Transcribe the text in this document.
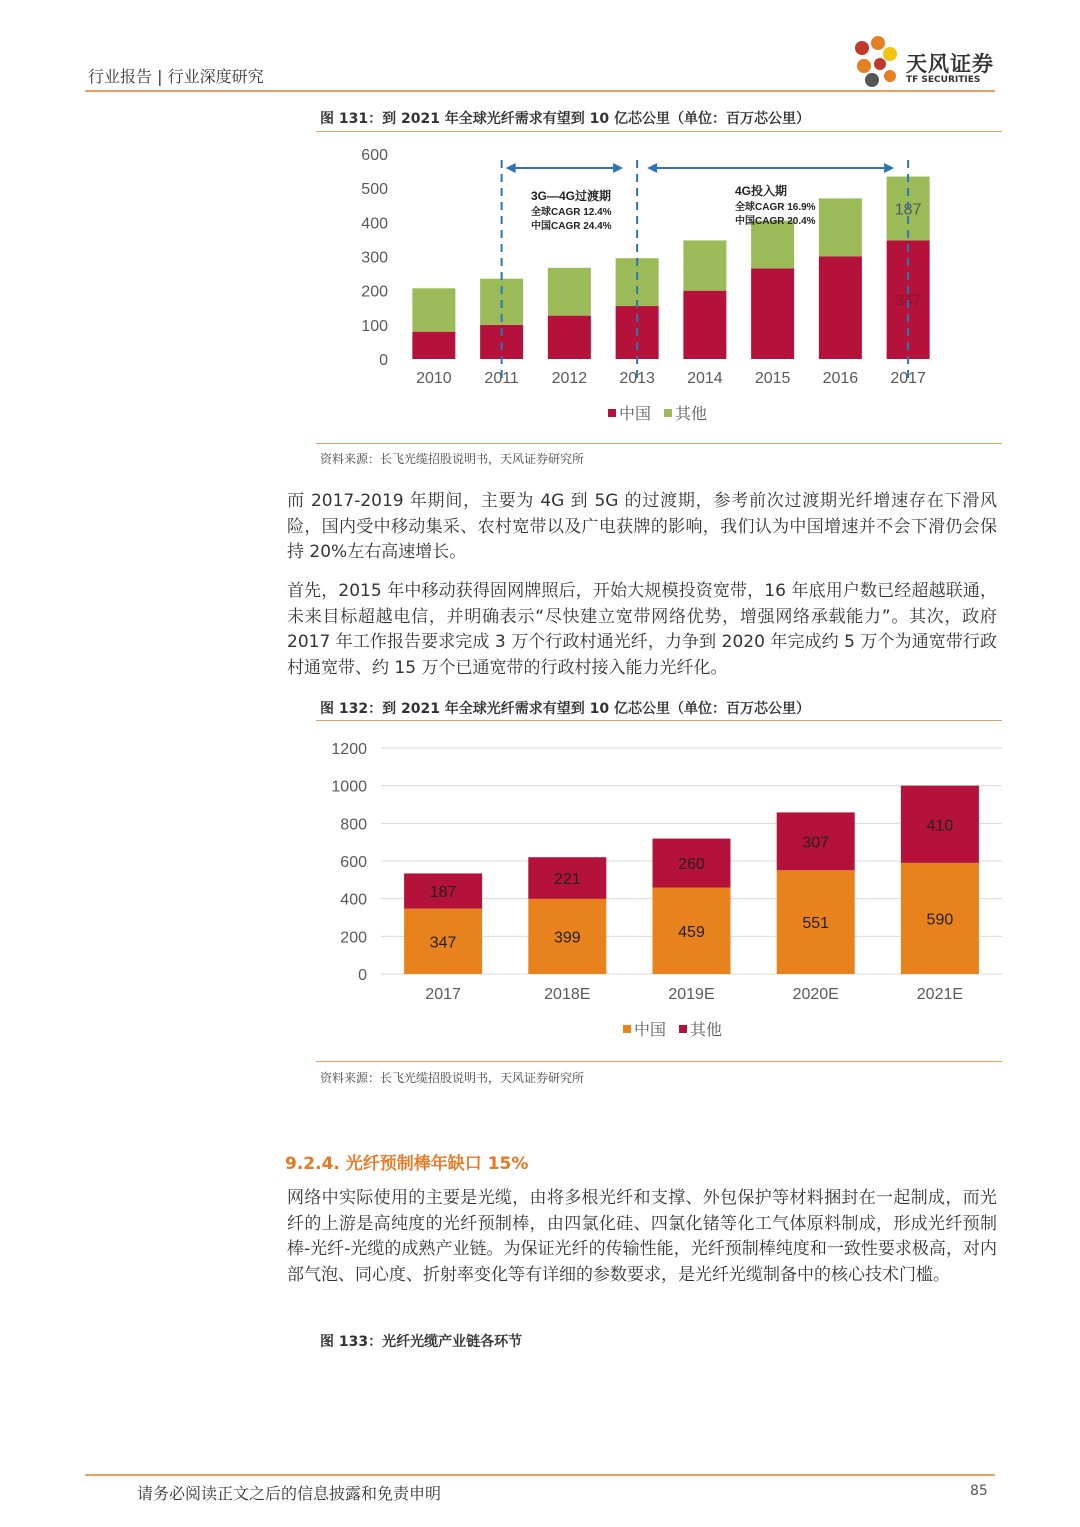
行业报告 | 行业深度研究
天风证券
TF SECURITIES
图 131：到 2021 年全球光纤需求有望到 10 亿芯公里（单位：百万芯公里）
0
100
200
300
400
500
600
2010 2011 2012 2013 2014 2015 2016
347
187
2017
中国 其他
3G—4G过渡期
全球CAGR 12.4%
中国CAGR 24.4%
4G投入期
全球CAGR 16.9%
中国CAGR 20.4%
资料来源：长飞光缆招股说明书，天风证券研究所

而 2017-2019 年期间，主要为 4G 到 5G 的过渡期，参考前次过渡期光纤增速存在下滑风险，国内受中移动集采、农村宽带以及广电获牌的影响，我们认为中国增速并不会下滑仍会保持 20%左右高速增长。

首先，2015 年中移动获得固网牌照后，开始大规模投资宽带，16 年底用户数已经超越联通，未来目标超越电信，并明确表示“尽快建立宽带网络优势，增强网络承载能力”。其次，政府 2017 年工作报告要求完成 3 万个行政村通光纤，力争到 2020 年完成约 5 万个为通宽带行政村通宽带、约 15 万个已通宽带的行政村接入能力光纤化。

图 132：到 2021 年全球光纤需求有望到 10 亿芯公里（单位：百万芯公里）
0
200
400
600
800
1000
1200
347
187
2017
399
221
2018E
459
260
2019E
551
307
2020E
590
410
2021E
中国 其他
资料来源：长飞光缆招股说明书，天风证券研究所
9.2.4. 光纤预制棒年缺口 15%

网络中实际使用的主要是光缆，由将多根光纤和支撑、外包保护等材料捆封在一起制成，而光纤的上游是高纯度的光纤预制棒，由四氯化硅、四氯化锗等化工气体原料制成，形成光纤预制棒-光纤-光缆的成熟产业链。为保证光纤的传输性能，光纤预制棒纯度和一致性要求极高，对内部气泡、同心度、折射率变化等有详细的参数要求，是光纤光缆制备中的核心技术门槛。

图 133：光纤光缆产业链各环节
请务必阅读正文之后的信息披露和免责申明	85
